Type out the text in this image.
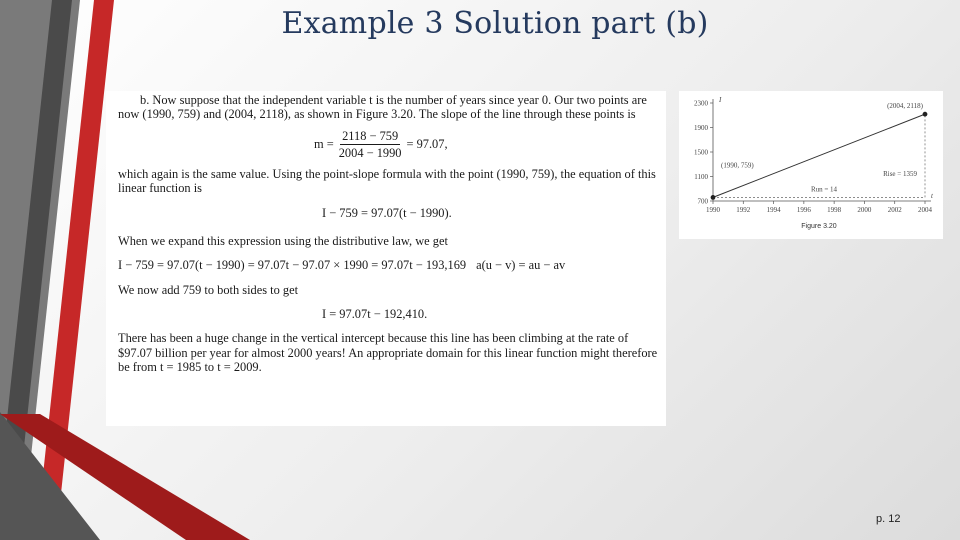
Example 3 Solution part (b)

b. Now suppose that the independent variable t is the number of years since year 0. Our two points are now (1990, 759) and (2004, 2118), as shown in Figure 3.20. The slope of the line through these points is

$m = \frac{2118 - 759}{2004 - 1990} = 97.07$,

which again is the same value. Using the point-slope formula with the point (1990, 759), the equation of this linear function is

I − 759 = 97.07(t − 1990).

When we expand this expression using the distributive law, we get

I − 759 = 97.07(t − 1990) = 97.07t − 97.07 × 1990 = 97.07t − 193,169 a(u − v) = au − av

We now add 759 to both sides to get

I = 97.07t − 192,410.

There has been a huge change in the vertical intercept because this line has been climbing at the rate of $97.07 billion per year for almost 2000 years! An appropriate domain for this linear function might therefore be from t = 1985 to t = 2009.

t
I
1990 1992 1994 1996 1998 2000 2002 2004
700
1100
1500
1900
2300
(1990, 759)
(2004, 2118)
Rise = 1359
Run = 14
Figure 3.20
p. 12
